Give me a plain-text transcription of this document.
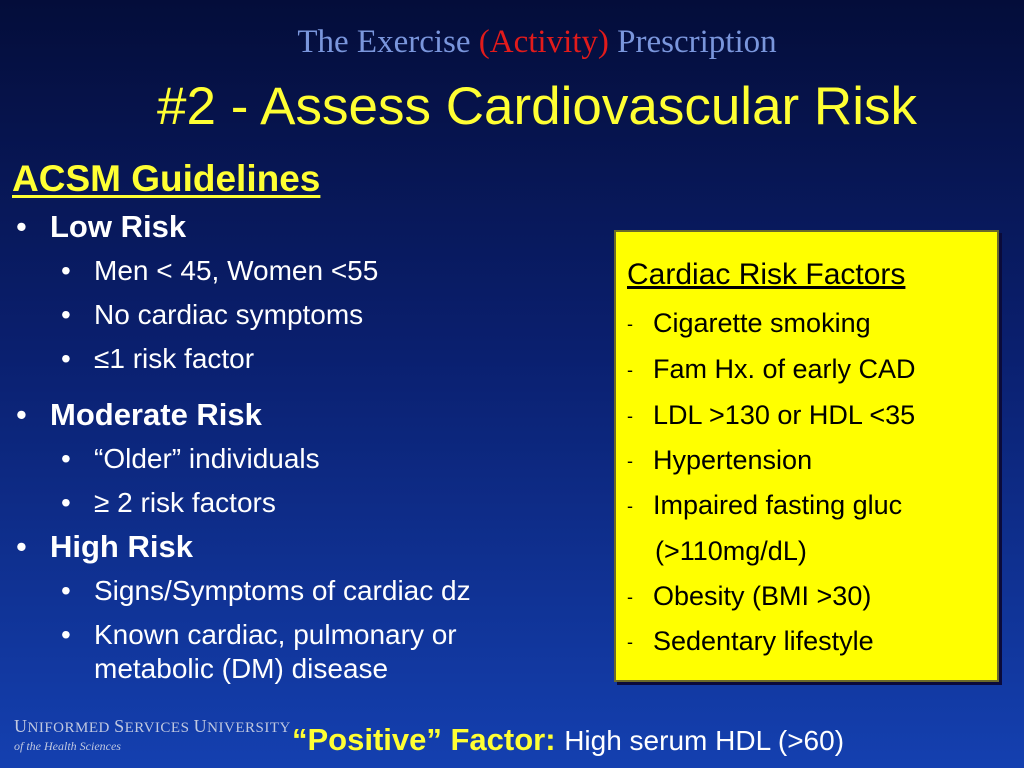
The Exercise (Activity) Prescription
#2 - Assess Cardiovascular Risk
ACSM Guidelines
• Low Risk
• Men < 45, Women <55
• No cardiac symptoms
• ≤1 risk factor
• Moderate Risk
• “Older” individuals
• ≥ 2 risk factors
• High Risk
• Signs/Symptoms of cardiac dz
• Known cardiac, pulmonary or metabolic (DM) disease
Cardiac Risk Factors
- Cigarette smoking
- Fam Hx. of early CAD
- LDL >130 or HDL <35
- Hypertension
- Impaired fasting gluc
(>110mg/dL)
- Obesity (BMI >30)
- Sedentary lifestyle
UNIFORMED SERVICES UNIVERSITY
of the Health Sciences	“Positive” Factor: High serum HDL (>60)
